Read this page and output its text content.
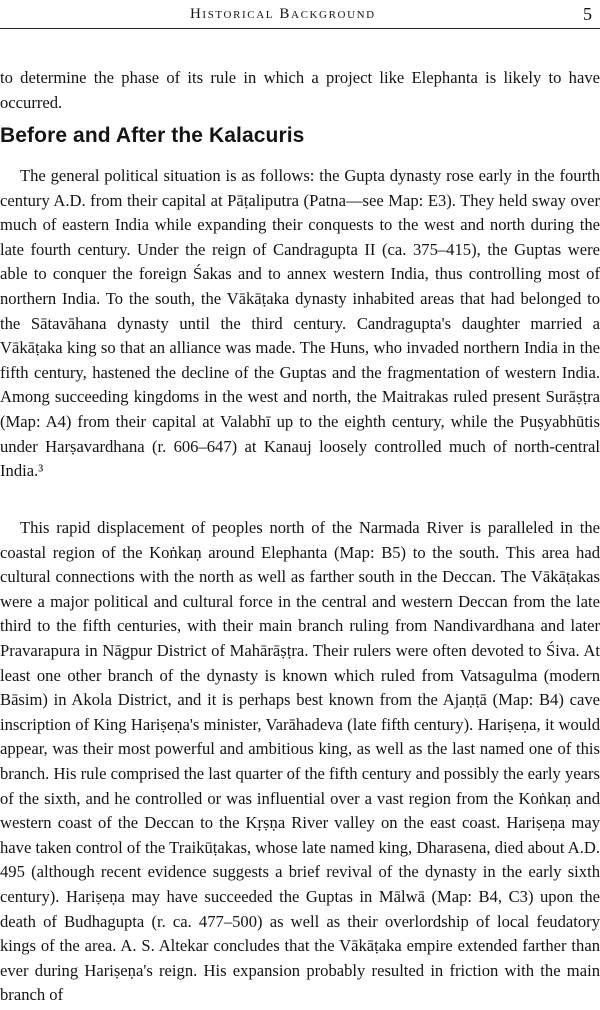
Historical Background	5

to determine the phase of its rule in which a project like Elephanta is likely to have occurred.

Before and After the Kalacuris

The general political situation is as follows: the Gupta dynasty rose early in the fourth century A.D. from their capital at Pāṭaliputra (Patna—see Map: E3). They held sway over much of eastern India while expanding their conquests to the west and north during the late fourth century. Under the reign of Candragupta II (ca. 375–415), the Guptas were able to conquer the foreign Śakas and to annex western India, thus controlling most of northern India. To the south, the Vākāṭaka dynasty inhabited areas that had belonged to the Sātavāhana dynasty until the third century. Candragupta's daughter married a Vākāṭaka king so that an alliance was made. The Huns, who invaded northern India in the fifth century, hastened the decline of the Guptas and the fragmentation of western India. Among succeeding kingdoms in the west and north, the Maitrakas ruled present Surāṣṭra (Map: A4) from their capital at Valabhī up to the eighth century, while the Puṣyabhūtis under Harṣavardhana (r. 606–647) at Kanauj loosely controlled much of north-central India.³

This rapid displacement of peoples north of the Narmada River is paralleled in the coastal region of the Koṅkaṇ around Elephanta (Map: B5) to the south. This area had cultural connections with the north as well as farther south in the Deccan. The Vākāṭakas were a major political and cultural force in the central and western Deccan from the late third to the fifth centuries, with their main branch ruling from Nandivardhana and later Pravarapura in Nāgpur District of Mahārāṣṭra. Their rulers were often devoted to Śiva. At least one other branch of the dynasty is known which ruled from Vatsagulma (modern Bāsim) in Akola District, and it is perhaps best known from the Ajaṇṭā (Map: B4) cave inscription of King Hariṣeṇa's minister, Varāhadeva (late fifth century). Hariṣeṇa, it would appear, was their most powerful and ambitious king, as well as the last named one of this branch. His rule comprised the last quarter of the fifth century and possibly the early years of the sixth, and he controlled or was influential over a vast region from the Koṅkaṇ and western coast of the Deccan to the Kṛṣṇa River valley on the east coast. Hariṣeṇa may have taken control of the Traikūṭakas, whose late named king, Dharasena, died about A.D. 495 (although recent evidence suggests a brief revival of the dynasty in the early sixth century). Hariṣeṇa may have succeeded the Guptas in Mālwā (Map: B4, C3) upon the death of Budhagupta (r. ca. 477–500) as well as their overlordship of local feudatory kings of the area. A. S. Altekar concludes that the Vākāṭaka empire extended farther than ever during Hariṣeṇa's reign. His expansion probably resulted in friction with the main branch of
